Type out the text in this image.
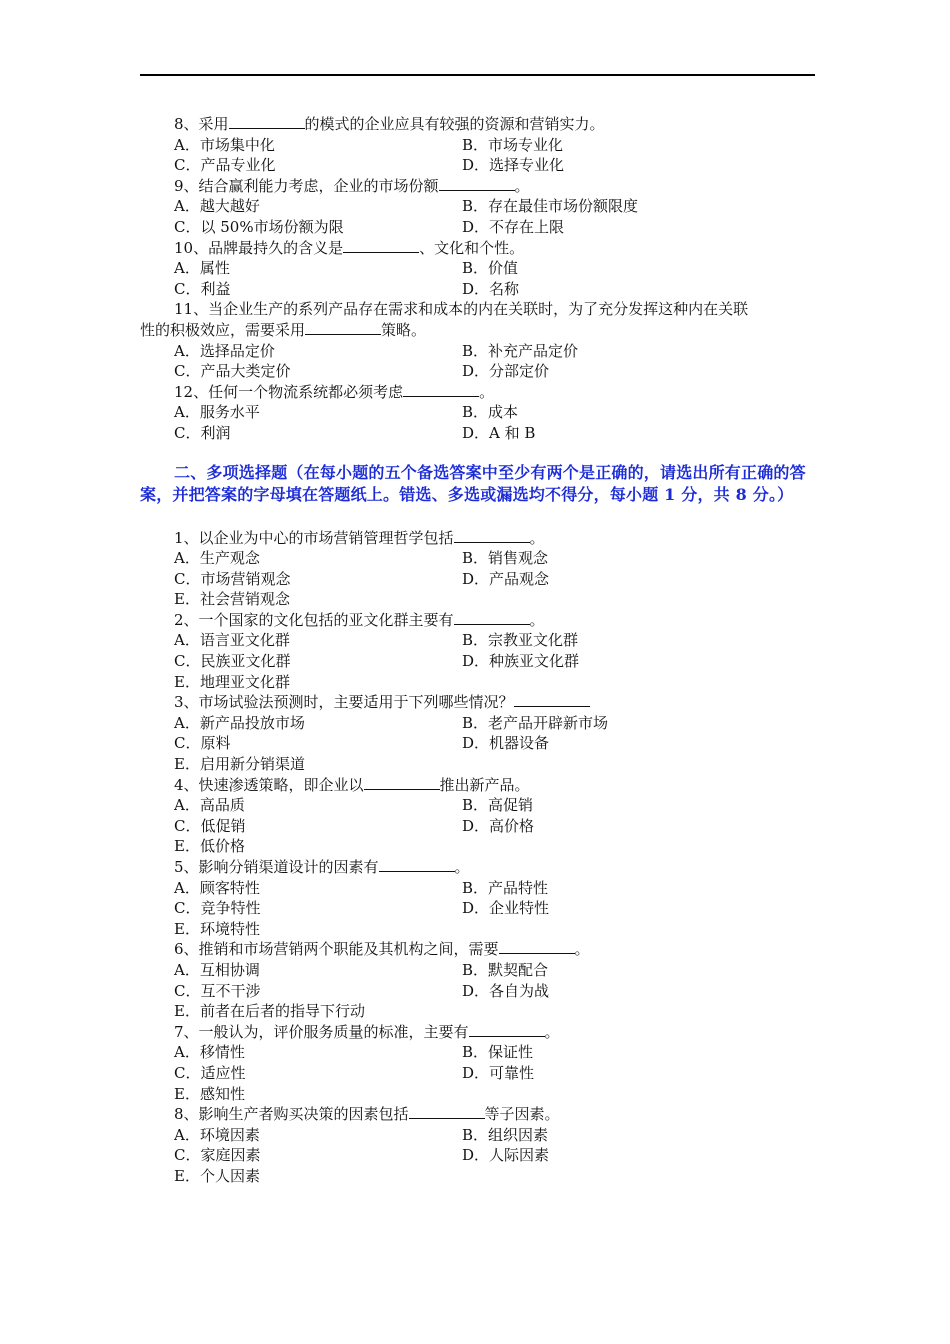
8、采用	的模式的企业应具有较强的资源和营销实力。
A．市场集中化	B．市场专业化
C．产品专业化	D．选择专业化
9、结合赢利能力考虑，企业的市场份额	。
A．越大越好	B．存在最佳市场份额限度
C．以 50%市场份额为限	D．不存在上限
10、品牌最持久的含义是	、文化和个性。
A．属性	B．价值
C．利益	D．名称
11、当企业生产的系列产品存在需求和成本的内在关联时，为了充分发挥这种内在关联
性的积极效应，需要采用	策略。
A．选择品定价	B．补充产品定价
C．产品大类定价	D．分部定价
12、任何一个物流系统都必须考虑	。
A．服务水平	B．成本
C．利润	D．A 和 B
二、多项选择题（在每小题的五个备选答案中至少有两个是正确的，请选出所有正确的答案，并把答案的字母填在答题纸上。错选、多选或漏选均不得分，每小题 1 分，共 8 分。）
1、以企业为中心的市场营销管理哲学包括	。
A．生产观念	B．销售观念
C．市场营销观念	D．产品观念
E．社会营销观念
2、一个国家的文化包括的亚文化群主要有	。
A．语言亚文化群	B．宗教亚文化群
C．民族亚文化群	D．种族亚文化群
E．地理亚文化群
3、市场试验法预测时，主要适用于下列哪些情况？
A．新产品投放市场	B．老产品开辟新市场
C．原料	D．机器设备
E．启用新分销渠道
4、快速渗透策略，即企业以	推出新产品。
A．高品质	B．高促销
C．低促销	D．高价格
E．低价格
5、影响分销渠道设计的因素有	。
A．顾客特性	B．产品特性
C．竞争特性	D．企业特性
E．环境特性
6、推销和市场营销两个职能及其机构之间，需要	。
A．互相协调	B．默契配合
C．互不干涉	D．各自为战
E．前者在后者的指导下行动
7、一般认为，评价服务质量的标准，主要有	。
A．移情性	B．保证性
C．适应性	D．可靠性
E．感知性
8、影响生产者购买决策的因素包括	等子因素。
A．环境因素	B．组织因素
C．家庭因素	D．人际因素
E．个人因素
